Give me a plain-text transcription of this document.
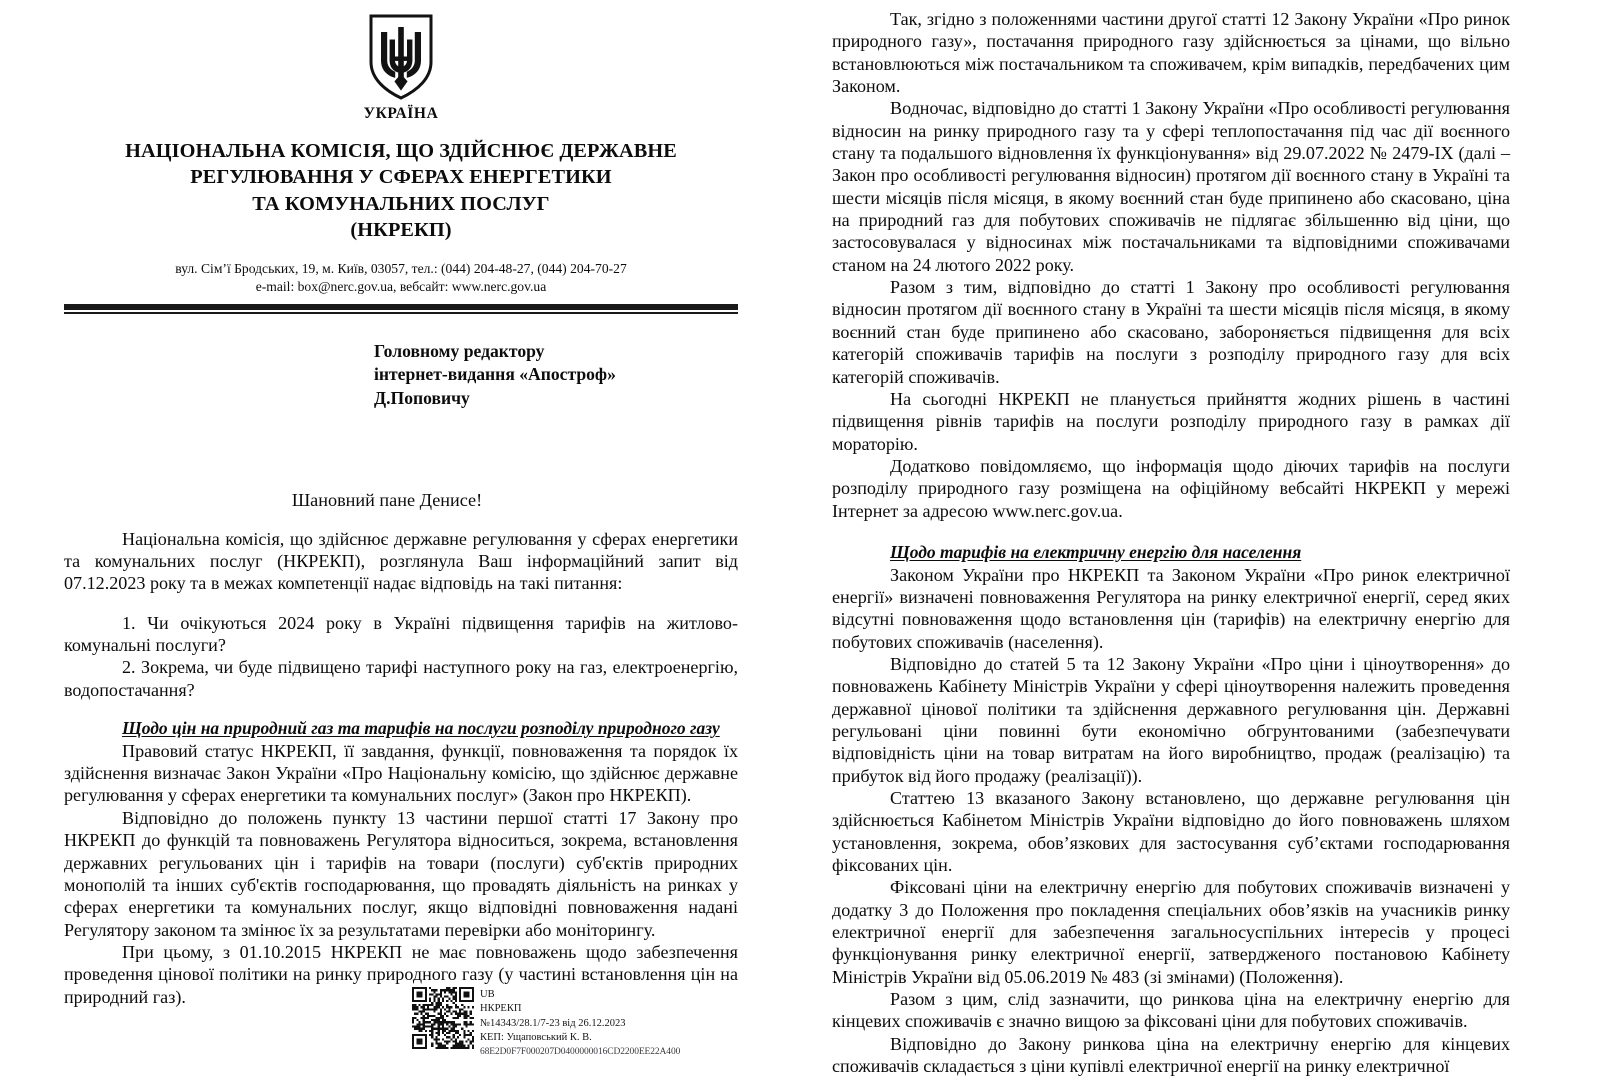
УКРАЇНА
НАЦІОНАЛЬНА КОМІСІЯ, ЩО ЗДІЙСНЮЄ ДЕРЖАВНЕ
РЕГУЛЮВАННЯ У СФЕРАХ ЕНЕРГЕТИКИ
ТА КОМУНАЛЬНИХ ПОСЛУГ
(НКРЕКП)
вул. Сім’ї Бродських, 19, м. Київ, 03057, тел.: (044) 204-48-27, (044) 204-70-27
e-mail: box@nerc.gov.ua, вебсайт: www.nerc.gov.ua
Головному редактору
інтернет-видання «Апостроф»
Д.Поповичу
Шановний пане Денисе!

Національна комісія, що здійснює державне регулювання у сферах енергетики та комунальних послуг (НКРЕКП), розглянула Ваш інформаційний запит від 07.12.2023 року та в межах компетенції надає відповідь на такі питання:

1. Чи очікуються 2024 року в Україні підвищення тарифів на житлово-комунальні послуги?

2. Зокрема, чи буде підвищено тарифі наступного року на газ, електроенергію, водопостачання?

Щодо цін на природний газ та тарифів на послуги розподілу природного газу

Правовий статус НКРЕКП, її завдання, функції, повноваження та порядок їх здійснення визначає Закон України «Про Національну комісію, що здійснює державне регулювання у сферах енергетики та комунальних послуг» (Закон про НКРЕКП).

Відповідно до положень пункту 13 частини першої статті 17 Закону про НКРЕКП до функцій та повноважень Регулятора відноситься, зокрема, встановлення державних регульованих цін і тарифів на товари (послуги) суб'єктів природних монополій та інших суб'єктів господарювання, що провадять діяльність на ринках у сферах енергетики та комунальних послуг, якщо відповідні повноваження надані Регулятору законом та змінює їх за результатами перевірки або моніторингу.

При цьому, з 01.10.2015 НКРЕКП не має повноважень щодо забезпечення проведення цінової політики на ринку природного газу (у частині встановлення цін на природний газ).

Так, згідно з положеннями частини другої статті 12 Закону України «Про ринок природного газу», постачання природного газу здійснюється за цінами, що вільно встановлюються між постачальником та споживачем, крім випадків, передбачених цим Законом.

Водночас, відповідно до статті 1 Закону України «Про особливості регулювання відносин на ринку природного газу та у сфері теплопостачання під час дії воєнного стану та подальшого відновлення їх функціонування» від 29.07.2022 № 2479-IX (далі – Закон про особливості регулювання відносин) протягом дії воєнного стану в Україні та шести місяців після місяця, в якому воєнний стан буде припинено або скасовано, ціна на природний газ для побутових споживачів не підлягає збільшенню від ціни, що застосовувалася у відносинах між постачальниками та відповідними споживачами станом на 24 лютого 2022 року.

Разом з тим, відповідно до статті 1 Закону про особливості регулювання відносин протягом дії воєнного стану в Україні та шести місяців після місяця, в якому воєнний стан буде припинено або скасовано, забороняється підвищення для всіх категорій споживачів тарифів на послуги з розподілу природного газу для всіх категорій споживачів.

На сьогодні НКРЕКП не планується прийняття жодних рішень в частині підвищення рівнів тарифів на послуги розподілу природного газу в рамках дії мораторію.

Додатково повідомляємо, що інформація щодо діючих тарифів на послуги розподілу природного газу розміщена на офіційному вебсайті НКРЕКП у мережі Інтернет за адресою www.nerc.gov.ua.

Щодо тарифів на електричну енергію для населення

Законом України про НКРЕКП та Законом України «Про ринок електричної енергії» визначені повноваження Регулятора на ринку електричної енергії, серед яких відсутні повноваження щодо встановлення цін (тарифів) на електричну енергію для побутових споживачів (населення).

Відповідно до статей 5 та 12 Закону України «Про ціни і ціноутворення» до повноважень Кабінету Міністрів України у сфері ціноутворення належить проведення державної цінової політики та здійснення державного регулювання цін. Державні регульовані ціни повинні бути економічно обгрунтованими (забезпечувати відповідність ціни на товар витратам на його виробництво, продаж (реалізацію) та прибуток від його продажу (реалізації)).

Статтею 13 вказаного Закону встановлено, що державне регулювання цін здійснюється Кабінетом Міністрів України відповідно до його повноважень шляхом установлення, зокрема, обов’язкових для застосування суб’єктами господарювання фіксованих цін.

Фіксовані ціни на електричну енергію для побутових споживачів визначені у додатку 3 до Положення про покладення спеціальних обов’язків на учасників ринку електричної енергії для забезпечення загальносуспільних інтересів у процесі функціонування ринку електричної енергії, затвердженого постановою Кабінету Міністрів України від 05.06.2019 № 483 (зі змінами) (Положення).

Разом з цим, слід зазначити, що ринкова ціна на електричну енергію для кінцевих споживачів є значно вищою за фіксовані ціни для побутових споживачів.

Відповідно до Закону ринкова ціна на електричну енергію для кінцевих споживачів складається з ціни купівлі електричної енергії на ринку електричної

UB
НКРЕКП
№14343/28.1/7-23 від 26.12.2023
КЕП: Ущаповський К. В.
68E2D0F7F000207D0400000016CD2200EE22A400
